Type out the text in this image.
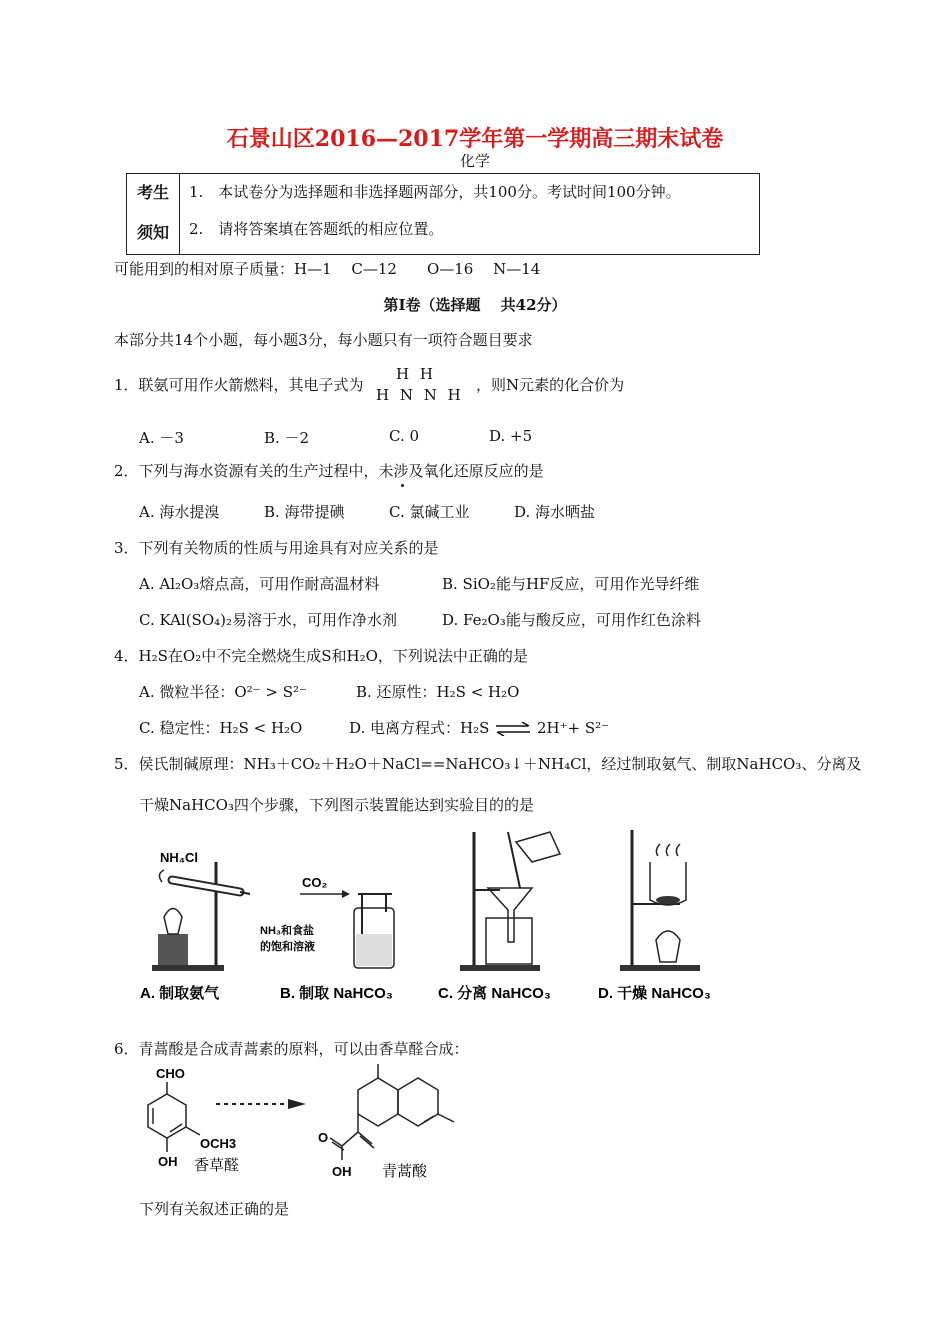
石景山区2016—2017学年第一学期高三期末试卷
化学
考生
须知
1.　本试卷分为选择题和非选择题两部分，共100分。考试时间100分钟。
2.　请将答案填在答题纸的相应位置。
可能用到的相对原子质量：H—1　 C—12　　O—16　 N—14
第Ⅰ卷（选择题　 共42分）
本部分共14个小题，每小题3分，每小题只有一项符合题目要求
1．联氨可用作火箭燃料，其电子式为
H H
H N N H
，则N元素的化合价为
A. －3	B. －2	C. 0	D. +5
2．下列与海水资源有关的生产过程中，未涉及氧化还原反应的是
A. 海水提溴	B. 海带提碘	C. 氯碱工业	D. 海水晒盐
3．下列有关物质的性质与用途具有对应关系的是
A. Al₂O₃熔点高，可用作耐高温材料	B. SiO₂能与HF反应，可用作光导纤维
C. KAl(SO₄)₂易溶于水，可用作净水剂	D. Fe₂O₃能与酸反应，可用作红色涂料
4．H₂S在O₂中不完全燃烧生成S和H₂O，下列说法中正确的是
A. 微粒半径：O²⁻ > S²⁻	B. 还原性：H₂S < H₂O
C. 稳定性：H₂S < H₂O	D. 电离方程式：H₂S ⇌ 2H⁺+ S²⁻
5．侯氏制碱原理：NH₃＋CO₂＋H₂O＋NaCl==NaHCO₃↓＋NH₄Cl，经过制取氨气、制取NaHCO₃、分离及
干燥NaHCO₃四个步骤，下列图示装置能达到实验目的的是
NH₄Cl
CO₂
NH₃和食盐
的饱和溶液
A. 制取氨气	B. 制取 NaHCO₃	C. 分离 NaHCO₃	D. 干燥 NaHCO₃
6．青蒿酸是合成青蒿素的原料，可以由香草醛合成：
CHO
OCH3
OH 香草醛
O
OH 青蒿酸
下列有关叙述正确的是
